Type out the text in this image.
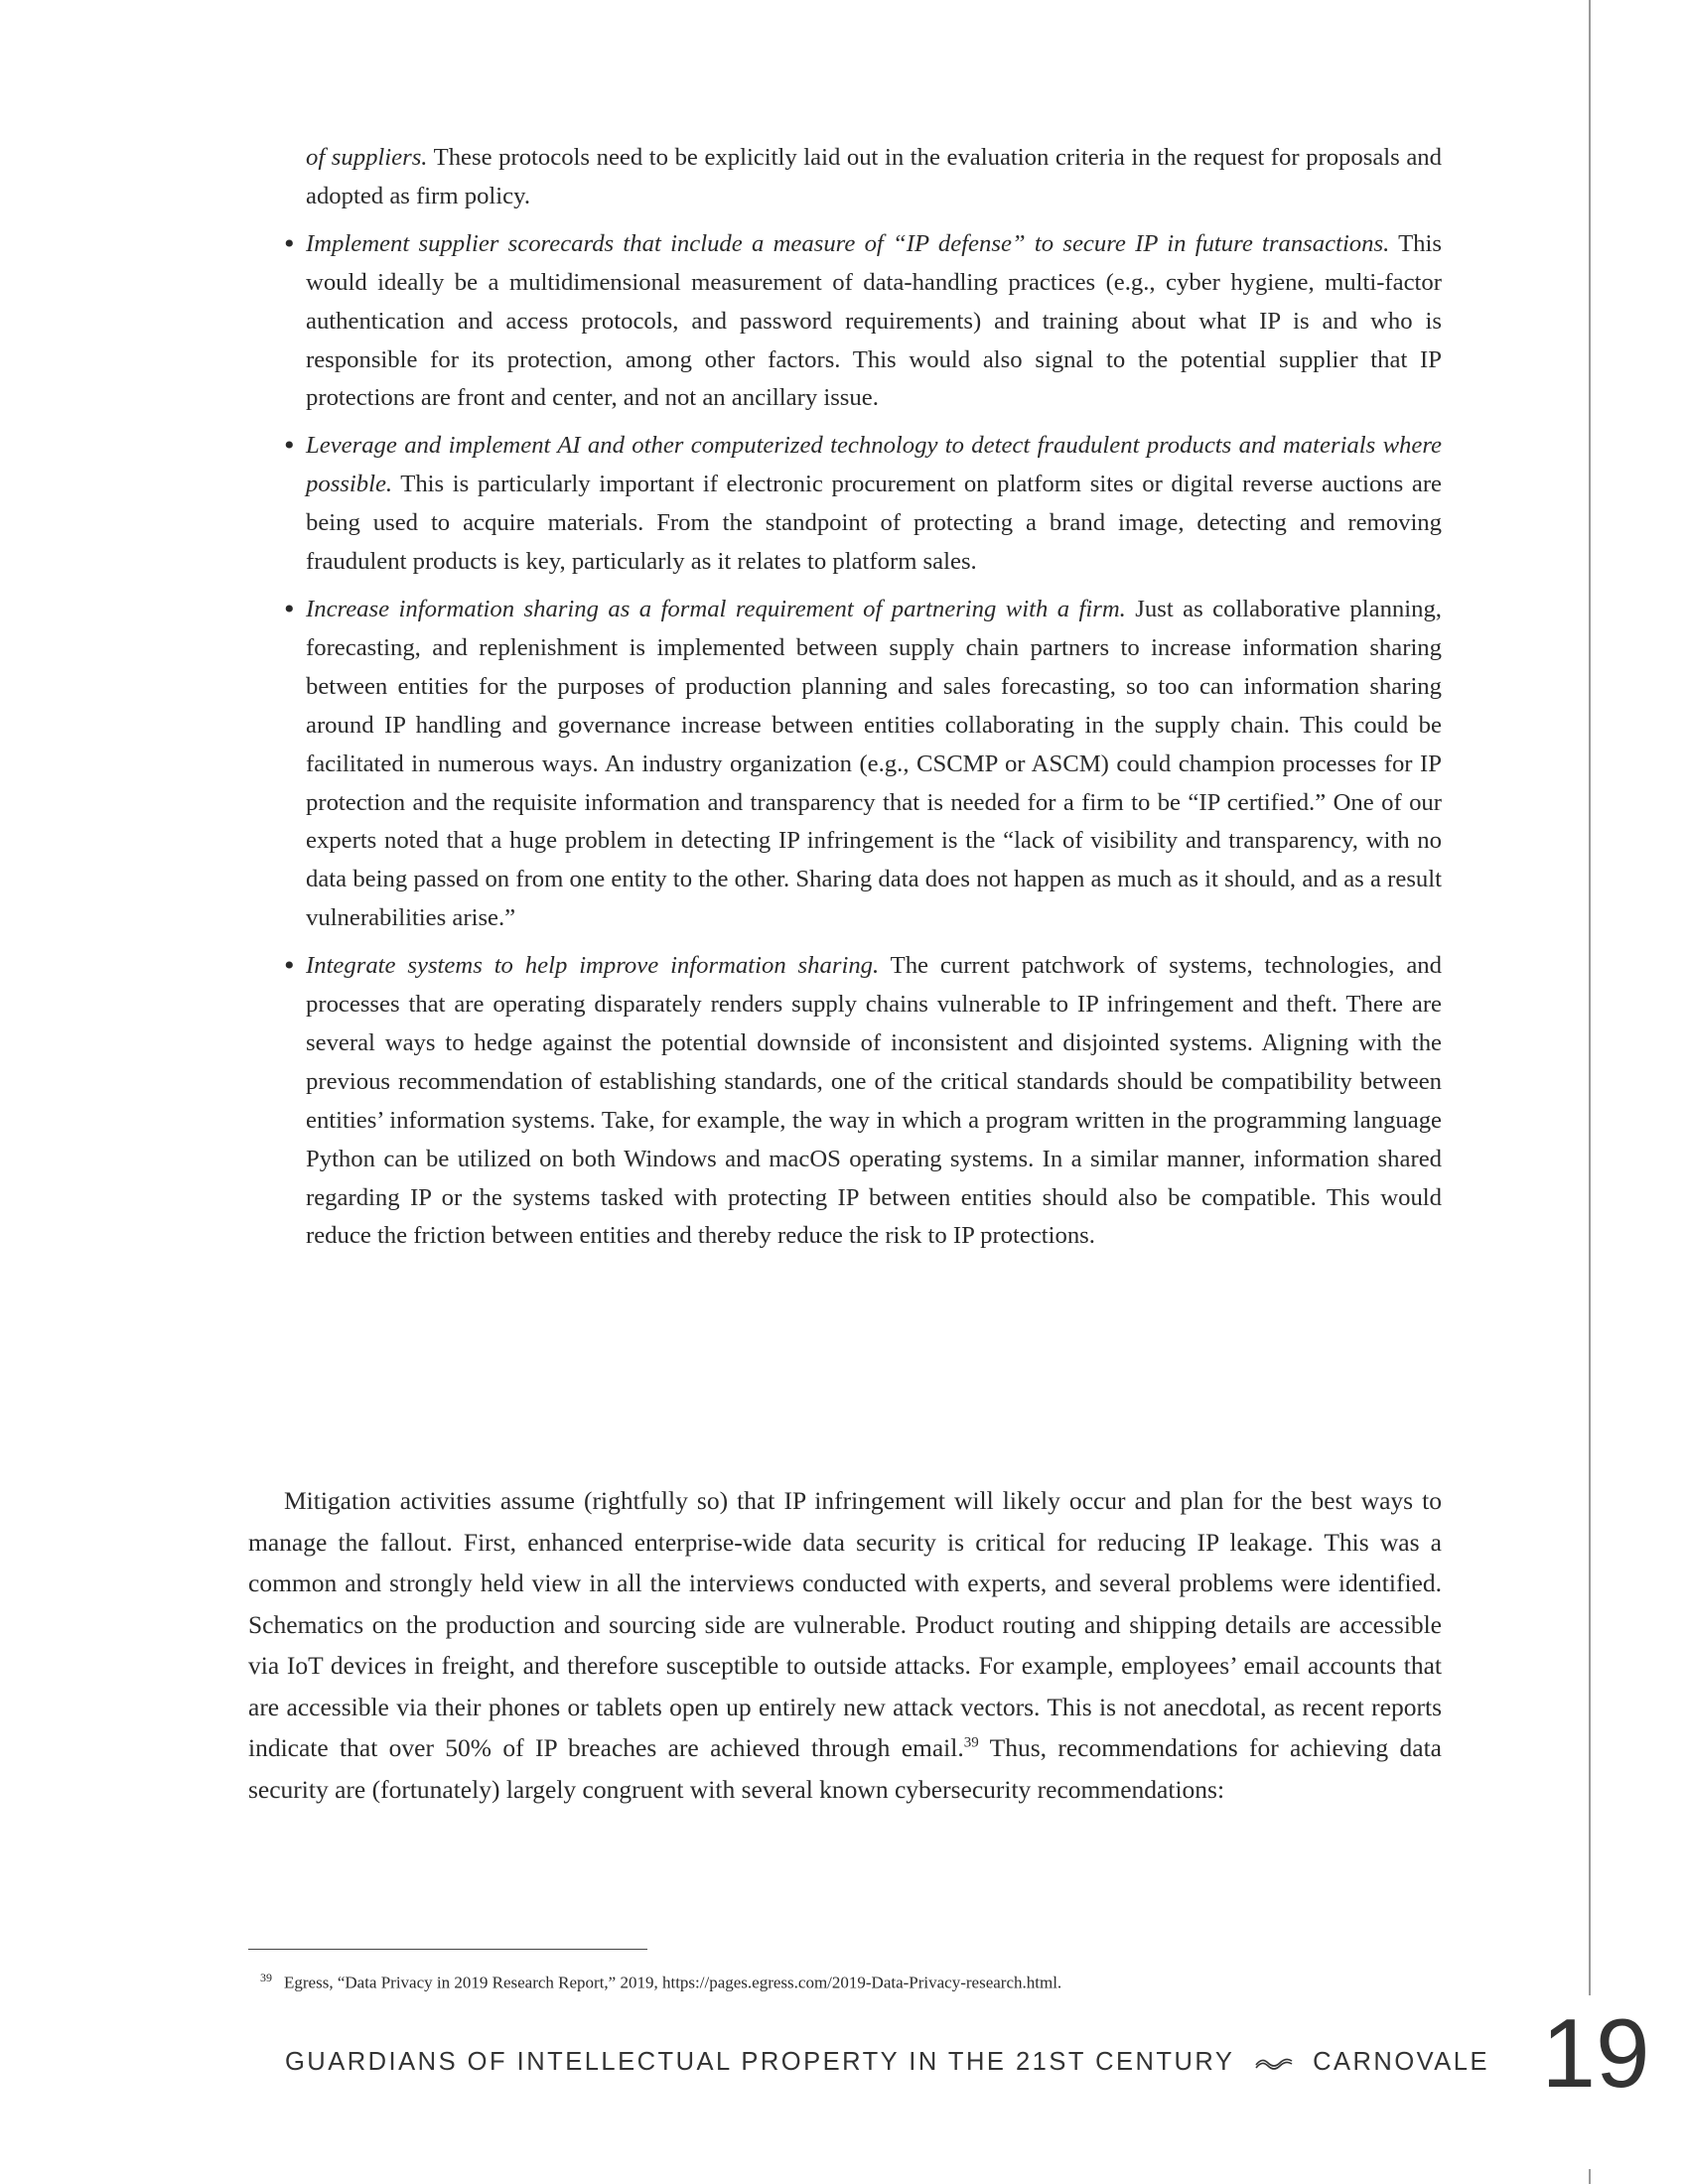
of suppliers. These protocols need to be explicitly laid out in the evaluation criteria in the request for proposals and adopted as firm policy.

• Implement supplier scorecards that include a measure of “IP defense” to secure IP in future transactions. This would ideally be a multidimensional measurement of data-handling practices (e.g., cyber hygiene, multi-factor authentication and access protocols, and password requirements) and training about what IP is and who is responsible for its protection, among other factors. This would also signal to the potential supplier that IP protections are front and center, and not an ancillary issue.

• Leverage and implement AI and other computerized technology to detect fraudulent products and materials where possible. This is particularly important if electronic procurement on platform sites or digital reverse auctions are being used to acquire materials. From the standpoint of protecting a brand image, detecting and removing fraudulent products is key, particularly as it relates to platform sales.

• Increase information sharing as a formal requirement of partnering with a firm. Just as collaborative planning, forecasting, and replenishment is implemented between supply chain partners to increase information sharing between entities for the purposes of production planning and sales forecasting, so too can information sharing around IP handling and governance increase between entities collaborating in the supply chain. This could be facilitated in numerous ways. An industry organization (e.g., CSCMP or ASCM) could champion processes for IP protection and the requisite information and transparency that is needed for a firm to be “IP certified.” One of our experts noted that a huge problem in detecting IP infringement is the “lack of visibility and transparency, with no data being passed on from one entity to the other. Sharing data does not happen as much as it should, and as a result vulnerabilities arise.”

• Integrate systems to help improve information sharing. The current patchwork of systems, technologies, and processes that are operating disparately renders supply chains vulnerable to IP infringement and theft. There are several ways to hedge against the potential downside of inconsistent and disjointed systems. Aligning with the previous recommendation of establishing standards, one of the critical standards should be compatibility between entities’ information systems. Take, for example, the way in which a program written in the programming language Python can be utilized on both Windows and macOS operating systems. In a similar manner, information shared regarding IP or the systems tasked with protecting IP between entities should also be compatible. This would reduce the friction between entities and thereby reduce the risk to IP protections.

Mitigation activities assume (rightfully so) that IP infringement will likely occur and plan for the best ways to manage the fallout. First, enhanced enterprise-wide data security is critical for reducing IP leakage. This was a common and strongly held view in all the interviews conducted with experts, and several problems were identified. Schematics on the production and sourcing side are vulnerable. Product routing and shipping details are accessible via IoT devices in freight, and therefore susceptible to outside attacks. For example, employees’ email accounts that are accessible via their phones or tablets open up entirely new attack vectors. This is not anecdotal, as recent reports indicate that over 50% of IP breaches are achieved through email.$^{39}$ Thus, recommendations for achieving data security are (fortunately) largely congruent with several known cybersecurity recommendations:

$^{39}$ Egress, “Data Privacy in 2019 Research Report,” 2019, https://pages.egress.com/2019-Data-Privacy-research.html.
GUARDIANS OF INTELLECTUAL PROPERTY IN THE 21ST CENTURY	CARNOVALE 19
